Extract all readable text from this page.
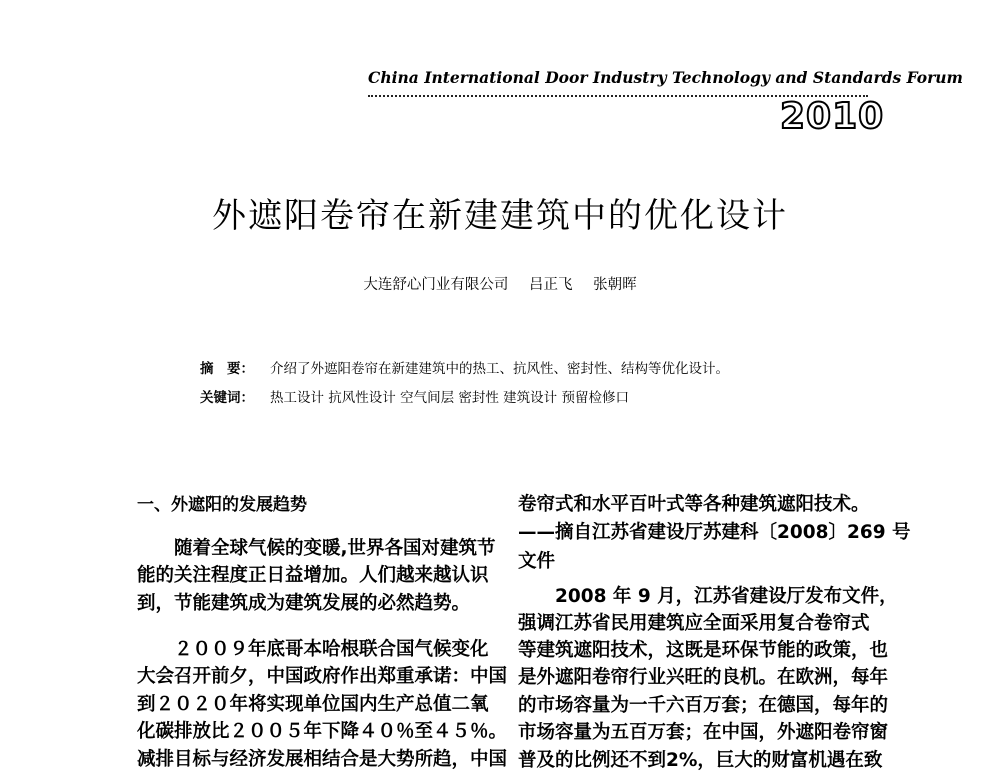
China International Door Industry Technology and Standards Forum
2010
外遮阳卷帘在新建建筑中的优化设计
大连舒心门业有限公司 吕正飞 张朝晖
摘　要： 介绍了外遮阳卷帘在新建建筑中的热工、抗风性、密封性、结构等优化设计。
关键词： 热工设计 抗风性设计 空气间层 密封性 建筑设计 预留检修口
一、外遮阳的发展趋势
　　随着全球气候的变暖,世界各国对建筑节
能的关注程度正日益增加。人们越来越认识
到，节能建筑成为建筑发展的必然趋势。
　　２００９年底哥本哈根联合国气候变化
大会召开前夕，中国政府作出郑重承诺：中国
到２０２０年将实现单位国内生产总值二氧
化碳排放比２００５年下降４０％至４５％。
减排目标与经济发展相结合是大势所趋，中国
卷帘式和水平百叶式等各种建筑遮阳技术。
——摘自江苏省建设厅苏建科〔2008〕269 号
文件
　　2008 年 9 月，江苏省建设厅发布文件，
强调江苏省民用建筑应全面采用复合卷帘式
等建筑遮阳技术，这既是环保节能的政策，也
是外遮阳卷帘行业兴旺的良机。在欧洲，每年
的市场容量为一千六百万套；在德国，每年的
市场容量为五百万套；在中国，外遮阳卷帘窗
普及的比例还不到2%，巨大的财富机遇在致
